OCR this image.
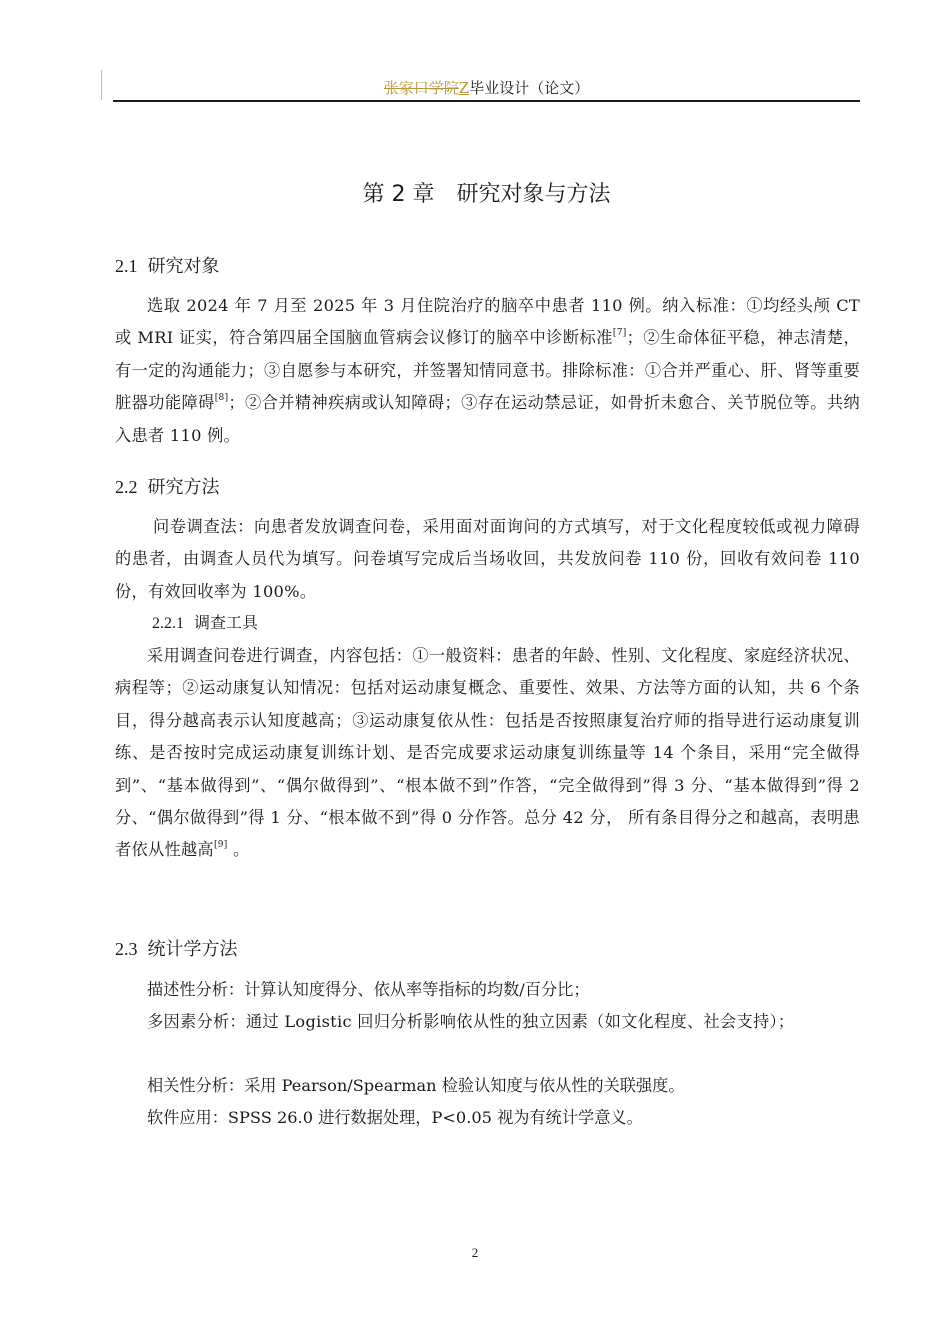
张家口学院Z毕业设计（论文）
第 2 章 研究对象与方法
2.1 研究对象
选取 2024 年 7 月至 2025 年 3 月住院治疗的脑卒中患者 110 例。纳入标准：①均经头颅 CT 或 MRI 证实，符合第四届全国脑血管病会议修订的脑卒中诊断标准[7]；②生命体征平稳，神志清楚，有一定的沟通能力；③自愿参与本研究，并签署知情同意书。排除标准：①合并严重心、肝、肾等重要脏器功能障碍[8]；②合并精神疾病或认知障碍；③存在运动禁忌证，如骨折未愈合、关节脱位等。共纳入患者 110 例。
2.2 研究方法
问卷调查法：向患者发放调查问卷，采用面对面询问的方式填写，对于文化程度较低或视力障碍的患者，由调查人员代为填写。问卷填写完成后当场收回，共发放问卷 110 份，回收有效问卷 110 份，有效回收率为 100%。
2.2.1 调查工具
采用调查问卷进行调查，内容包括：①一般资料：患者的年龄、性别、文化程度、家庭经济状况、病程等；②运动康复认知情况：包括对运动康复概念、重要性、效果、方法等方面的认知，共 6 个条目，得分越高表示认知度越高；③运动康复依从性：包括是否按照康复治疗师的指导进行运动康复训练、是否按时完成运动康复训练计划、是否完成要求运动康复训练量等 14 个条目，采用“完全做得到”、“基本做得到”、“偶尔做得到”、“根本做不到”作答，“完全做得到”得 3 分、“基本做得到”得 2 分、“偶尔做得到”得 1 分、“根本做不到”得 0 分作答。总分 42 分， 所有条目得分之和越高，表明患者依从性越高[9] 。
2.3 统计学方法
描述性分析：计算认知度得分、依从率等指标的均数/百分比；
多因素分析：通过 Logistic 回归分析影响依从性的独立因素（如文化程度、社会支持）；
相关性分析：采用 Pearson/Spearman 检验认知度与依从性的关联强度。
软件应用：SPSS 26.0 进行数据处理，P<0.05 视为有统计学意义。
2
